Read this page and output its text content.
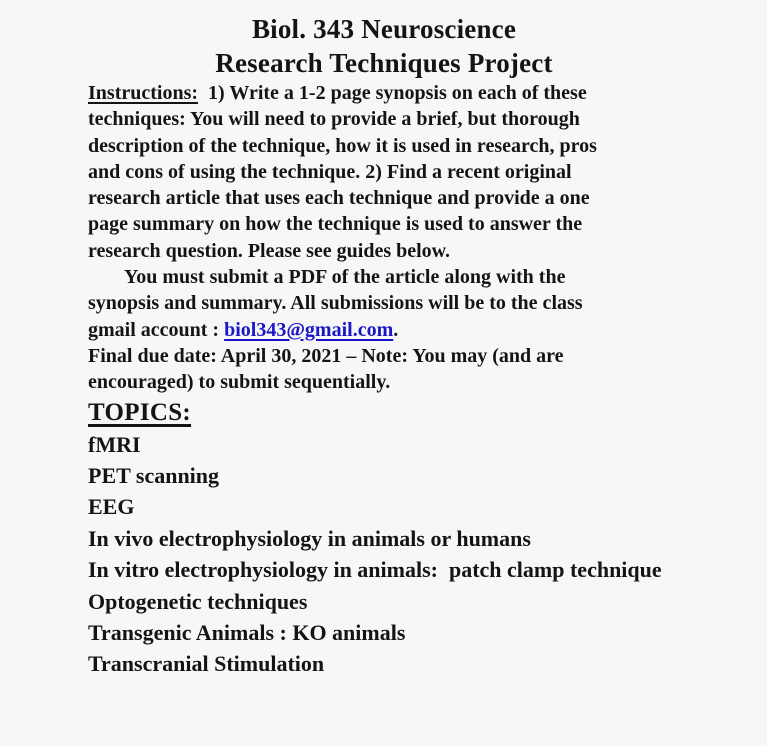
Biol. 343 Neuroscience
Research Techniques Project
Instructions:  1) Write a 1-2 page synopsis on each of these
techniques: You will need to provide a brief, but thorough
description of the technique, how it is used in research, pros
and cons of using the technique. 2) Find a recent original
research article that uses each technique and provide a one
page summary on how the technique is used to answer the
research question. Please see guides below.
You must submit a PDF of the article along with the
synopsis and summary. All submissions will be to the class
gmail account : biol343@gmail.com.
Final due date: April 30, 2021 – Note: You may (and are
encouraged) to submit sequentially.
TOPICS:
fMRI
PET scanning
EEG
In vivo electrophysiology in animals or humans
In vitro electrophysiology in animals:  patch clamp technique
Optogenetic techniques
Transgenic Animals : KO animals
Transcranial Stimulation
